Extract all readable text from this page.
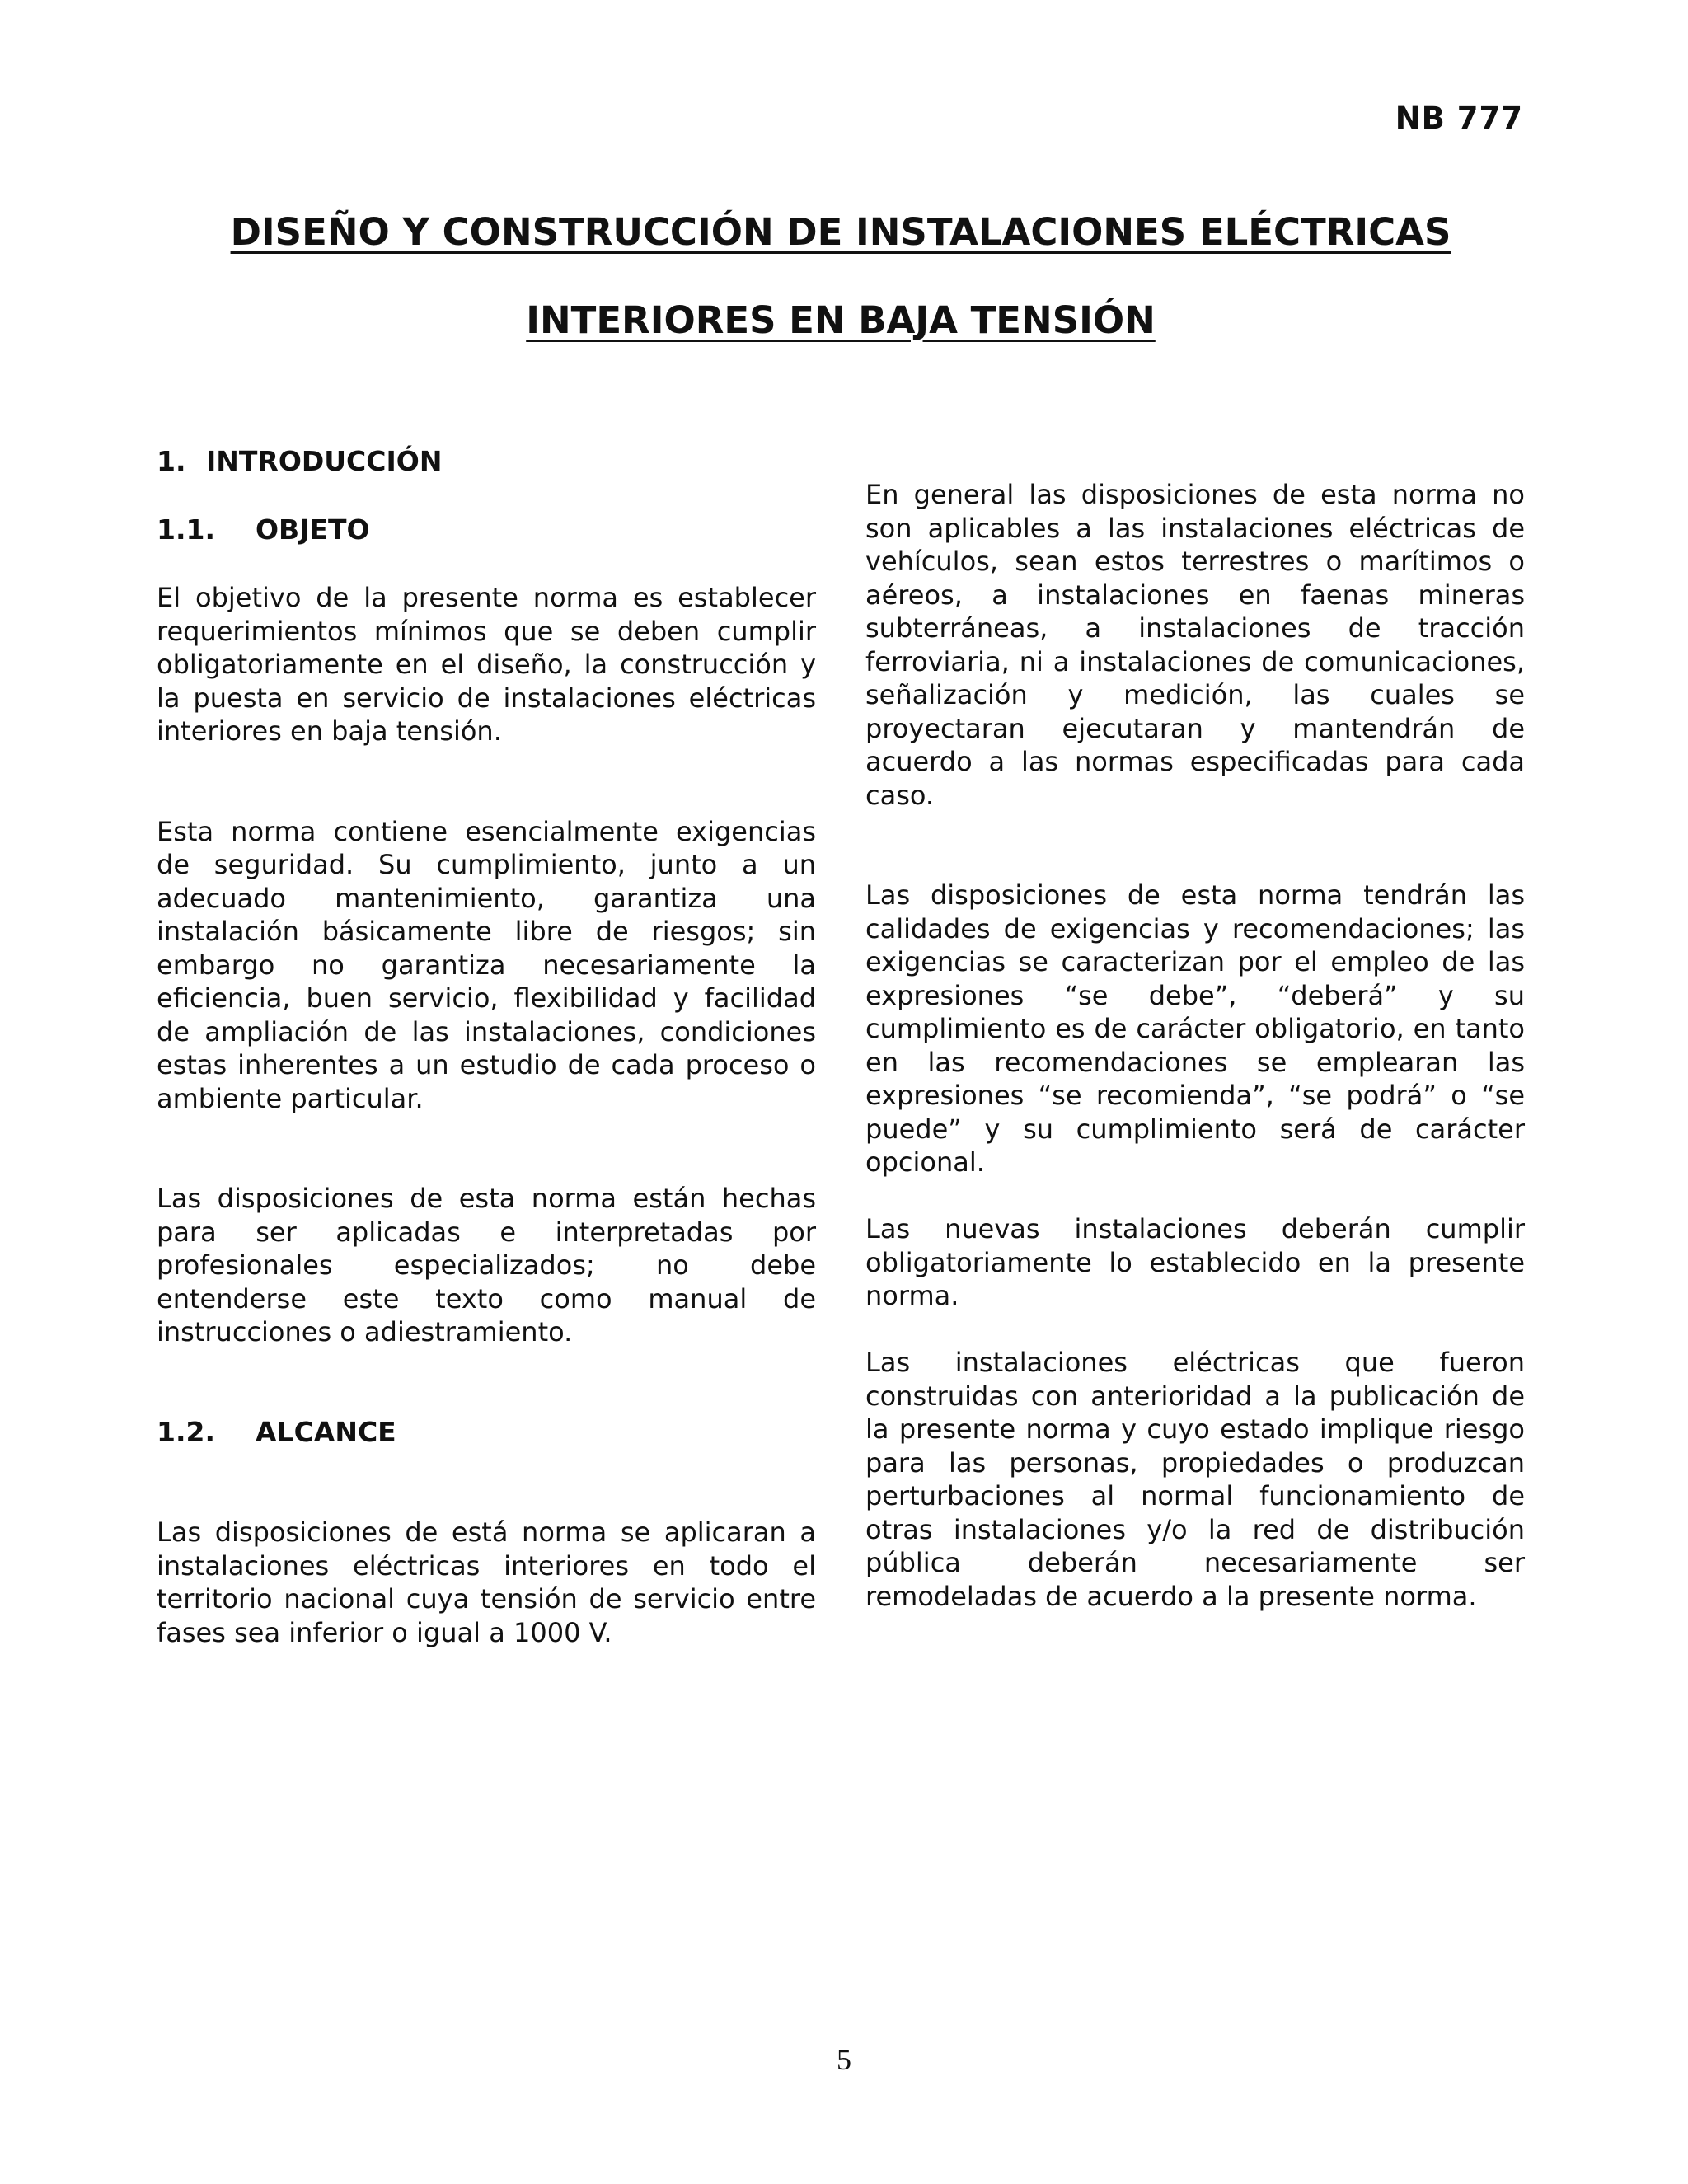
NB 777
DISEÑO Y CONSTRUCCIÓN DE INSTALACIONES ELÉCTRICAS
INTERIORES EN BAJA TENSIÓN
1. INTRODUCCIÓN
1.1. OBJETO

El objetivo de la presente norma es establecer requerimientos mínimos que se deben cumplir obligatoriamente en el diseño, la construcción y la puesta en servicio de instalaciones eléctricas interiores en baja tensión.

Esta norma contiene esencialmente exigencias de seguridad. Su cumplimiento, junto a un adecuado mantenimiento, garantiza una instalación básicamente libre de riesgos; sin embargo no garantiza necesariamente la eficiencia, buen servicio, flexibilidad y facilidad de ampliación de las instalaciones, condiciones estas inherentes a un estudio de cada proceso o ambiente particular.

Las disposiciones de esta norma están hechas para ser aplicadas e interpretadas por profesionales especializados; no debe entenderse este texto como manual de instrucciones o adiestramiento.

1.2. ALCANCE

Las disposiciones de está norma se aplicaran a instalaciones eléctricas interiores en todo el territorio nacional cuya tensión de servicio entre fases sea inferior o igual a 1000 V.

En general las disposiciones de esta norma no son aplicables a las instalaciones eléctricas de vehículos, sean estos terrestres o marítimos o aéreos, a instalaciones en faenas mineras subterráneas, a instalaciones de tracción ferroviaria, ni a instalaciones de comunicaciones, señalización y medición, las cuales se proyectaran ejecutaran y mantendrán de acuerdo a las normas especificadas para cada caso.

Las disposiciones de esta norma tendrán las calidades de exigencias y recomendaciones; las exigencias se caracterizan por el empleo de las expresiones “se debe”, “deberá” y su cumplimiento es de carácter obligatorio, en tanto en las recomendaciones se emplearan las expresiones “se recomienda”, “se podrá” o “se puede” y su cumplimiento será de carácter opcional.

Las nuevas instalaciones deberán cumplir obligatoriamente lo establecido en la presente norma.

Las instalaciones eléctricas que fueron construidas con anterioridad a la publicación de la presente norma y cuyo estado implique riesgo para las personas, propiedades o produzcan perturbaciones al normal funcionamiento de otras instalaciones y/o la red de distribución pública deberán necesariamente ser remodeladas de acuerdo a la presente norma.

5
